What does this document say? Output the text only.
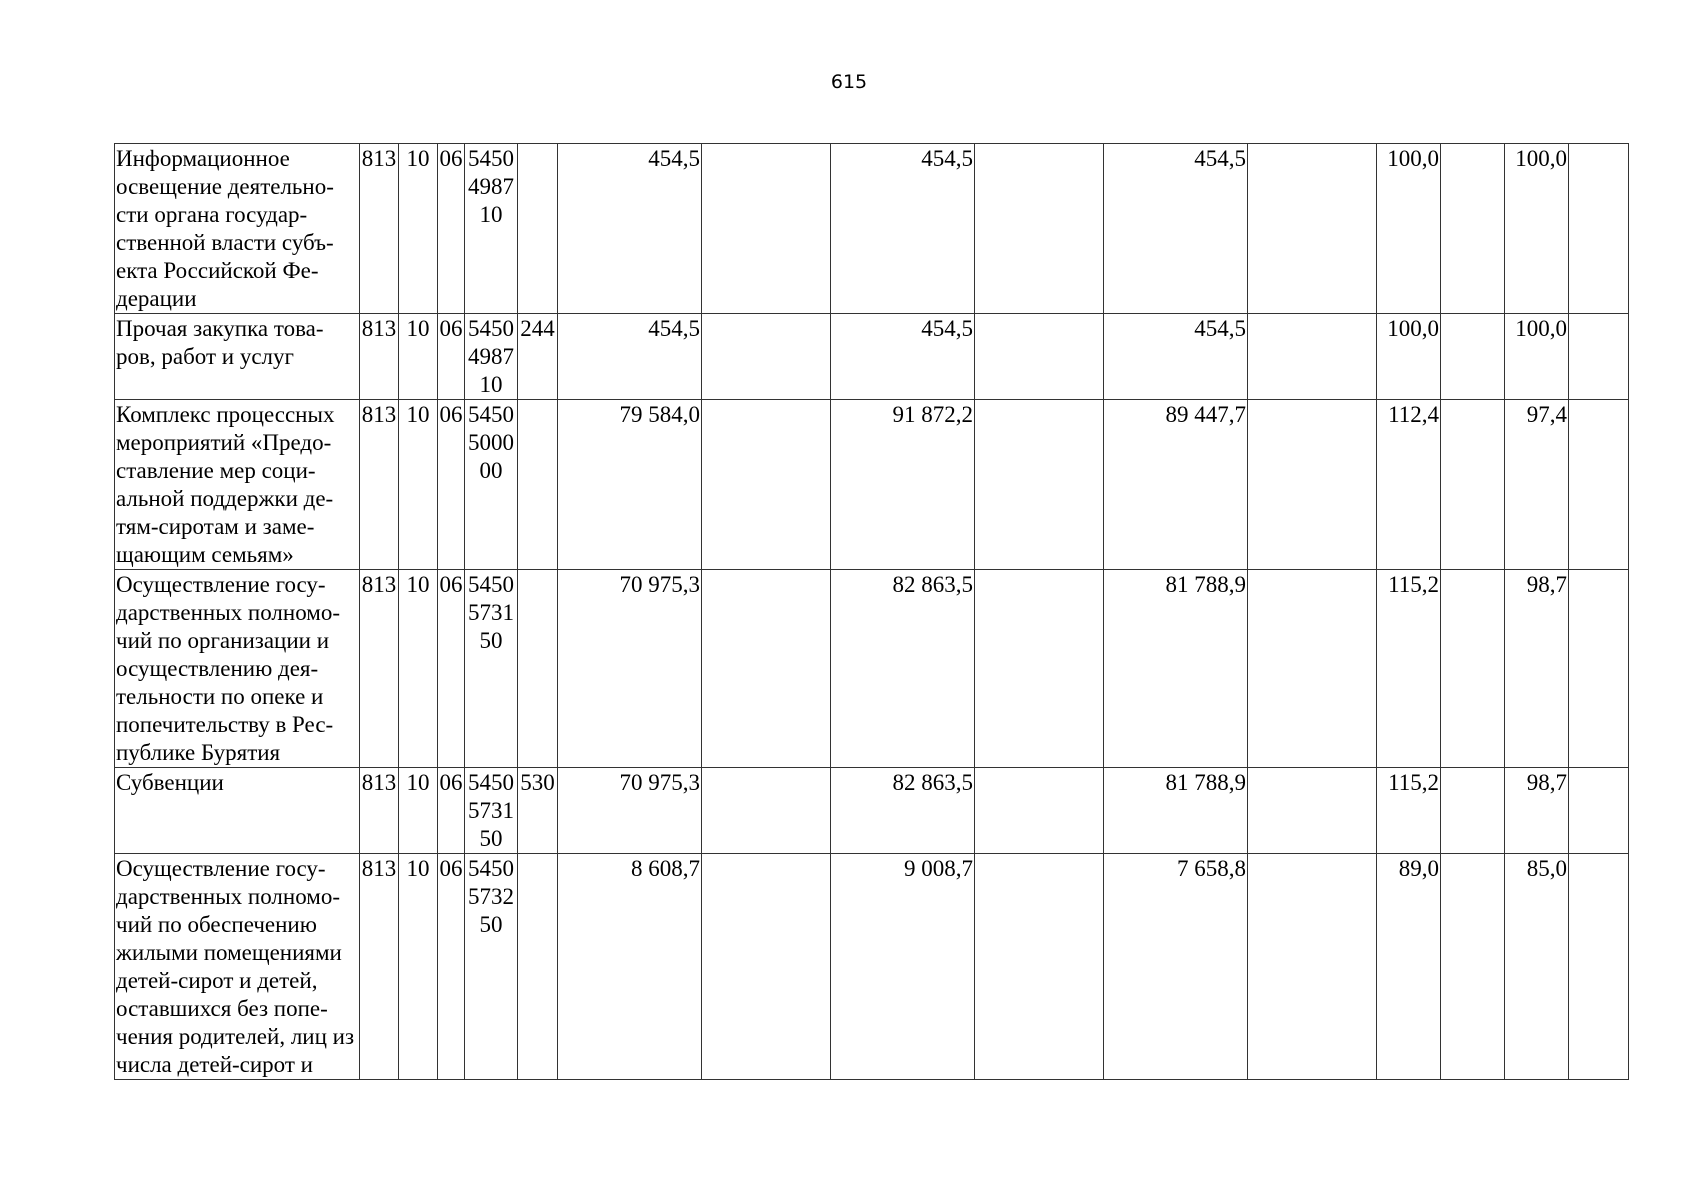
615
Информационное освещение деятельно-сти органа государ-ственной власти субъ-екта Российской Фе-дерации	813	10	06	54504987 10		454,5		454,5		454,5		100,0		100,0	
Прочая закупка това-ров, работ и услуг	813	10	06	54504987 10	244	454,5		454,5		454,5		100,0		100,0	
Комплекс процессных мероприятий «Предо-ставление мер соци-альной поддержки де-тям-сиротам и заме-щающим семьям»	813	10	06	54505000 00		79 584,0		91 872,2		89 447,7		112,4		97,4	
Осуществление госу-дарственных полномо-чий по организации и осуществлению дея-тельности по опеке и попечительству в Рес-публике Бурятия	813	10	06	54505731 50		70 975,3		82 863,5		81 788,9		115,2		98,7	
Субвенции	813	10	06	54505731 50	530	70 975,3		82 863,5		81 788,9		115,2		98,7	
Осуществление госу-дарственных полномо-чий по обеспечению жилыми помещениями детей-сирот и детей, оставшихся без попе-чения родителей, лиц из числа детей-сирот и	813	10	06	54505732 50		8 608,7		9 008,7		7 658,8		89,0		85,0	
